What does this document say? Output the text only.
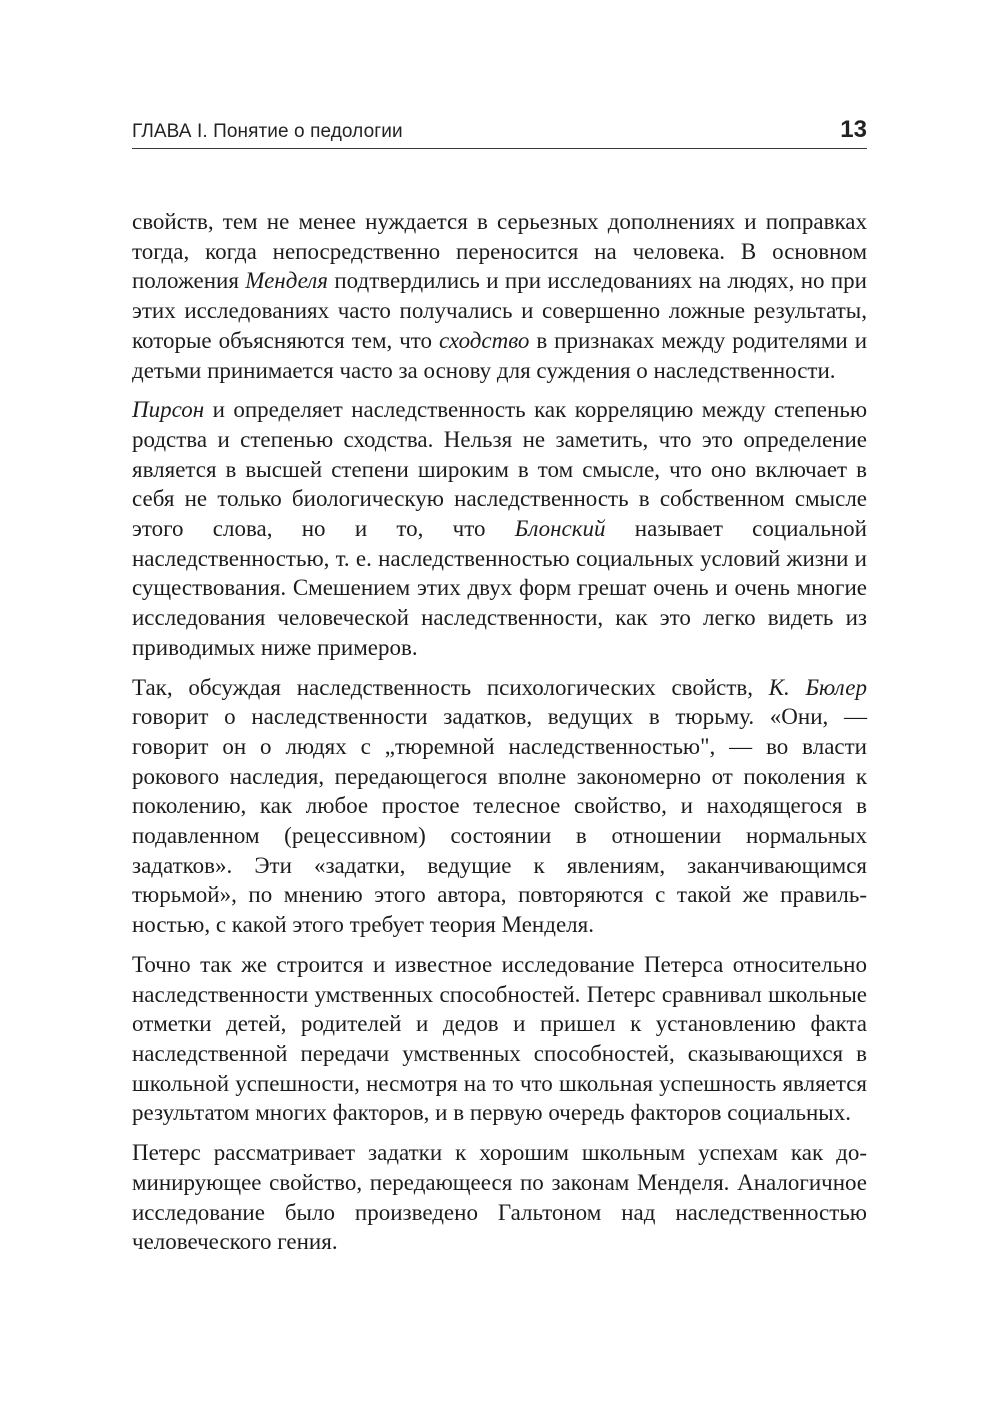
ГЛАВА I. Понятие о педологии	13

свойств, тем не менее нуждается в серьезных дополнениях и поправках тогда, когда непосредственно переносится на человека. В основном положения Менделя подтвердились и при исследованиях на людях, но при этих исследованиях часто получались и совершенно ложные результаты, которые объясняются тем, что сходство в признаках между родителями и детьми принимается часто за основу для суждения о наследственности.

Пирсон и определяет наследственность как корреляцию между степенью родства и степенью сходства. Нельзя не заметить, что это определение является в высшей степени широким в том смысле, что оно включает в себя не только биологическую наследственность в собственном смысле этого слова, но и то, что Блонский называет социальной наследственностью, т. е. наследственностью социальных условий жизни и существования. Смешением этих двух форм грешат очень и очень многие исследования человеческой наследственности, как это легко видеть из приводимых ниже примеров.

Так, обсуждая наследственность психологических свойств, К. Бюлер говорит о наследственности задатков, ведущих в тюрьму. «Они, — говорит он о людях с „тюремной наследственностью", — во власти рокового наследия, передающегося вполне закономерно от поколения к поколению, как любое простое телесное свойство, и находящегося в подавленном (рецессивном) состоянии в отношении нормальных задатков». Эти «задатки, ведущие к явлениям, заканчивающимся тюрьмой», по мнению этого автора, повторяются с такой же правильностью, с какой этого требует теория Менделя.

Точно так же строится и известное исследование Петерса относительно наследственности умственных способностей. Петерс сравнивал школьные отметки детей, родителей и дедов и пришел к установлению факта наследственной передачи умственных способностей, сказывающихся в школьной успешности, несмотря на то что школьная успешность является результатом многих факторов, и в первую очередь факторов социальных.

Петерс рассматривает задатки к хорошим школьным успехам как доминирующее свойство, передающееся по законам Менделя. Аналогичное исследование было произведено Гальтоном над наследственностью человеческого гения.
